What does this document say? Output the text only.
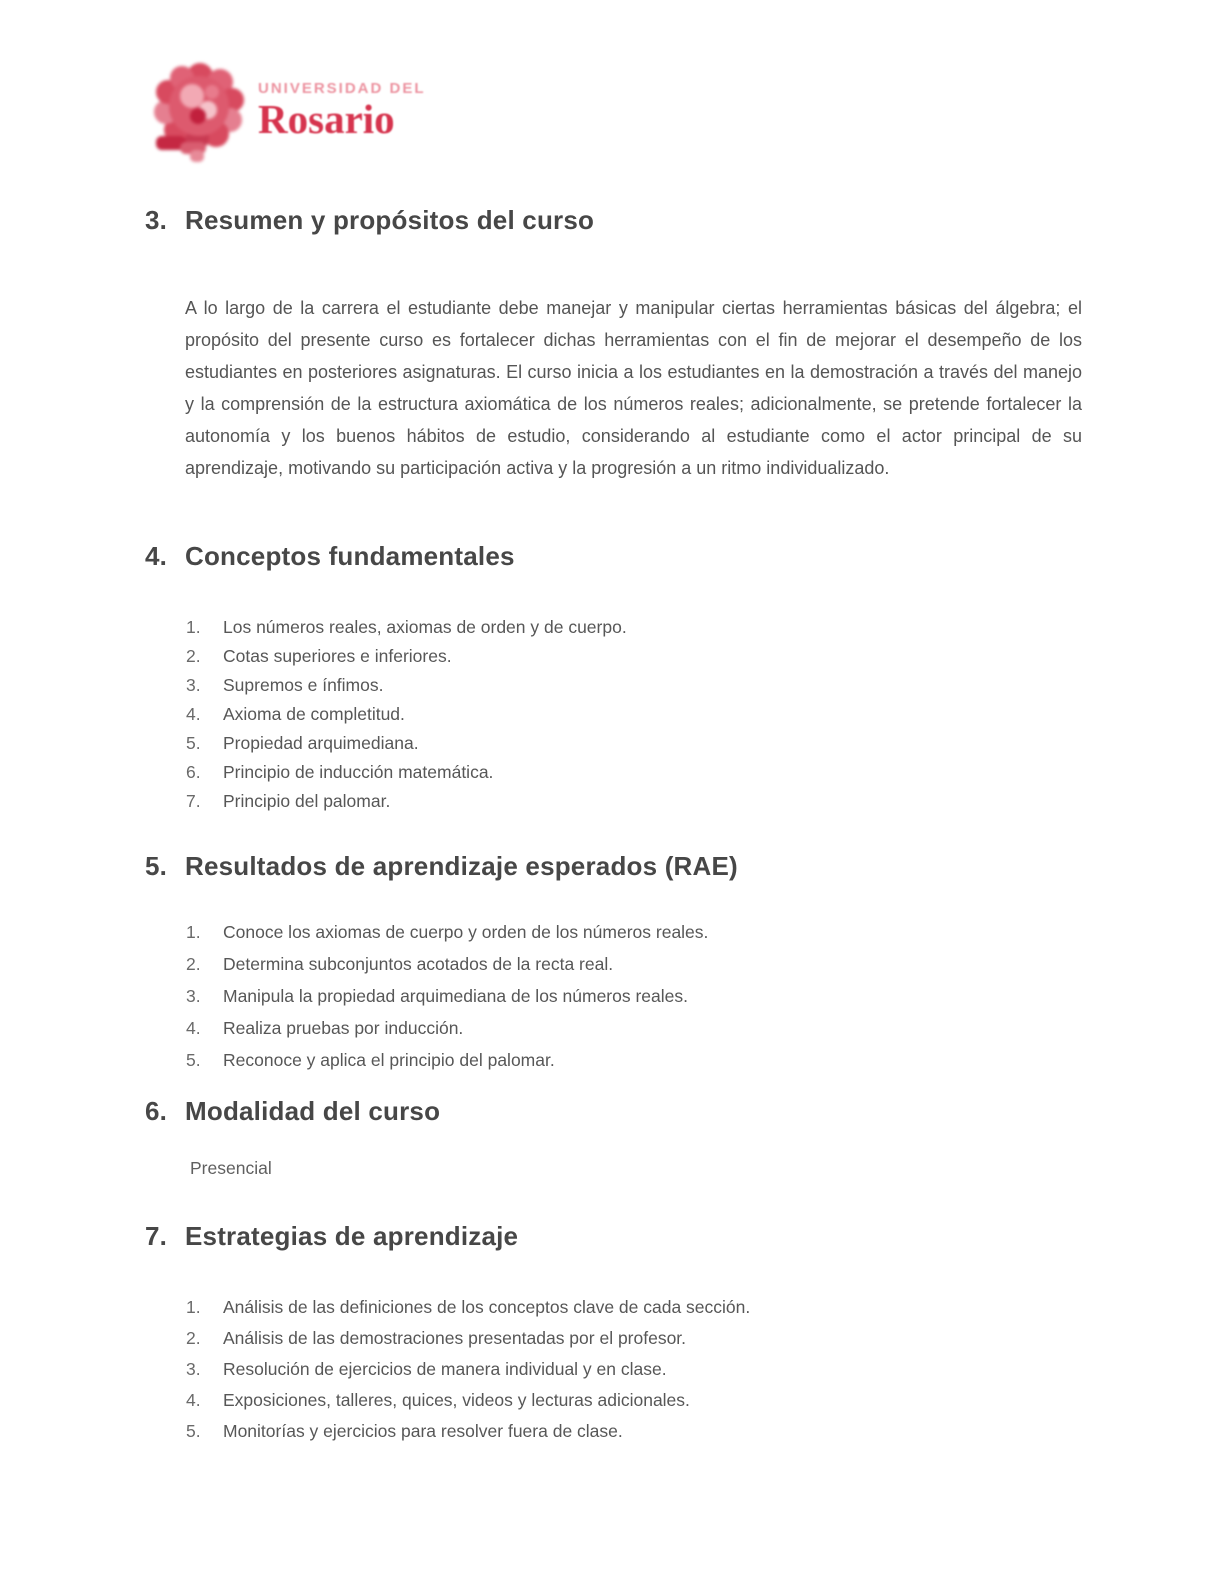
UNIVERSIDAD DEL
Rosario
3. Resumen y propósitos del curso

A lo largo de la carrera el estudiante debe manejar y manipular ciertas herramientas básicas del álgebra; el propósito del presente curso es fortalecer dichas herramientas con el fin de mejorar el desempeño de los estudiantes en posteriores asignaturas. El curso inicia a los estudiantes en la demostración a través del manejo y la comprensión de la estructura axiomática de los números reales; adicionalmente, se pretende fortalecer la autonomía y los buenos hábitos de estudio, considerando al estudiante como el actor principal de su aprendizaje, motivando su participación activa y la progresión a un ritmo individualizado.

4. Conceptos fundamentales
1.	Los números reales, axiomas de orden y de cuerpo.
2.	Cotas superiores e inferiores.
3.	Supremos e ínfimos.
4.	Axioma de completitud.
5.	Propiedad arquimediana.
6.	Principio de inducción matemática.
7.	Principio del palomar.
5. Resultados de aprendizaje esperados (RAE)
1.	Conoce los axiomas de cuerpo y orden de los números reales.
2.	Determina subconjuntos acotados de la recta real.
3.	Manipula la propiedad arquimediana de los números reales.
4.	Realiza pruebas por inducción.
5.	Reconoce y aplica el principio del palomar.
6. Modalidad del curso

Presencial

7. Estrategias de aprendizaje
1.	Análisis de las definiciones de los conceptos clave de cada sección.
2.	Análisis de las demostraciones presentadas por el profesor.
3.	Resolución de ejercicios de manera individual y en clase.
4.	Exposiciones, talleres, quices, videos y lecturas adicionales.
5.	Monitorías y ejercicios para resolver fuera de clase.
